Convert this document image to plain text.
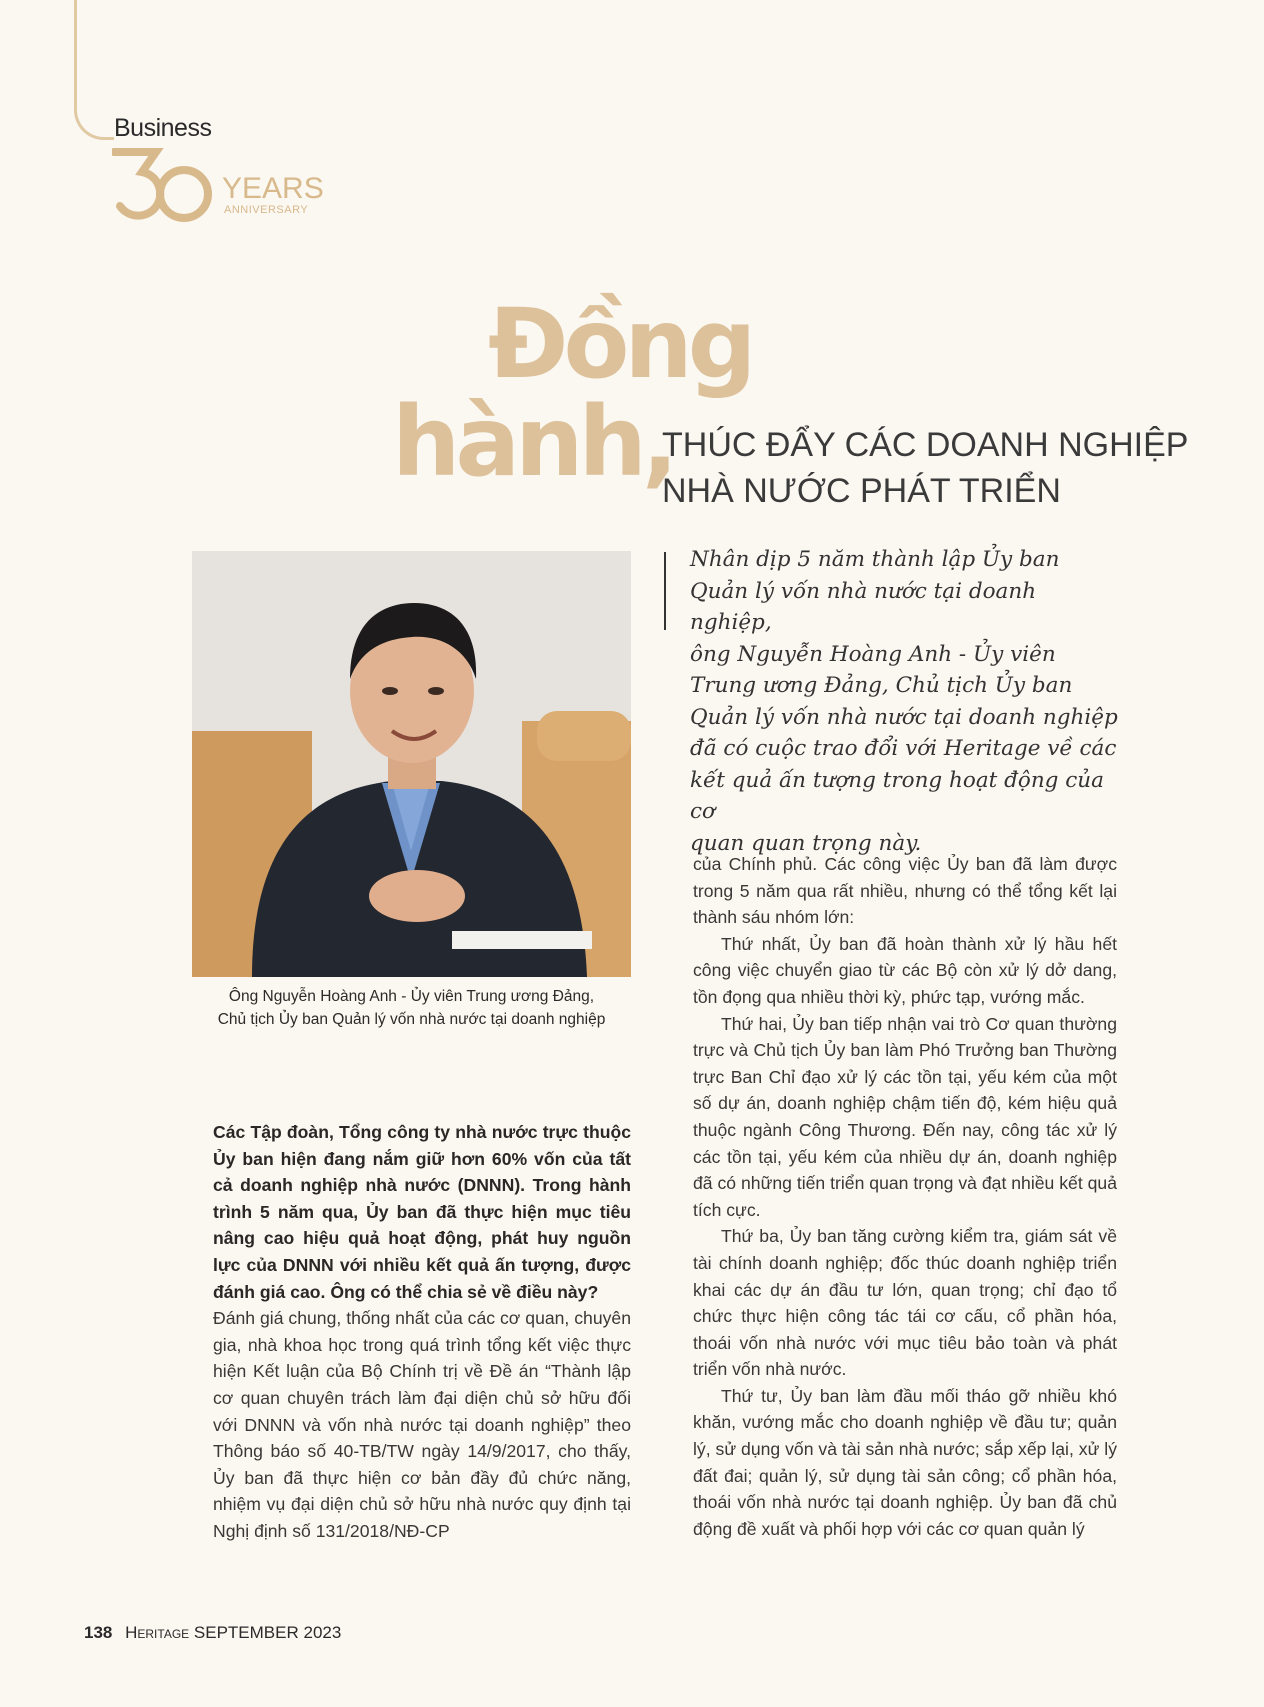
Business
YEARS
ANNIVERSARY
Đồng
hành,
THÚC ĐẨY CÁC DOANH NGHIỆP
NHÀ NƯỚC PHÁT TRIỂN
Nhân dịp 5 năm thành lập Ủy ban
Quản lý vốn nhà nước tại doanh nghiệp,
ông Nguyễn Hoàng Anh - Ủy viên
Trung ương Đảng, Chủ tịch Ủy ban
Quản lý vốn nhà nước tại doanh nghiệp
đã có cuộc trao đổi với Heritage về các
kết quả ấn tượng trong hoạt động của cơ
quan quan trọng này.
Ông Nguyễn Hoàng Anh - Ủy viên Trung ương Đảng,
Chủ tịch Ủy ban Quản lý vốn nhà nước tại doanh nghiệp

Các Tập đoàn, Tổng công ty nhà nước trực thuộc Ủy ban hiện đang nắm giữ hơn 60% vốn của tất cả doanh nghiệp nhà nước (DNNN). Trong hành trình 5 năm qua, Ủy ban đã thực hiện mục tiêu nâng cao hiệu quả hoạt động, phát huy nguồn lực của DNNN với nhiều kết quả ấn tượng, được đánh giá cao. Ông có thể chia sẻ về điều này?

Đánh giá chung, thống nhất của các cơ quan, chuyên gia, nhà khoa học trong quá trình tổng kết việc thực hiện Kết luận của Bộ Chính trị về Đề án “Thành lập cơ quan chuyên trách làm đại diện chủ sở hữu đối với DNNN và vốn nhà nước tại doanh nghiệp” theo Thông báo số 40-TB/TW ngày 14/9/2017, cho thấy, Ủy ban đã thực hiện cơ bản đầy đủ chức năng, nhiệm vụ đại diện chủ sở hữu nhà nước quy định tại Nghị định số 131/2018/NĐ-CP

của Chính phủ. Các công việc Ủy ban đã làm được trong 5 năm qua rất nhiều, nhưng có thể tổng kết lại thành sáu nhóm lớn:

Thứ nhất, Ủy ban đã hoàn thành xử lý hầu hết công việc chuyển giao từ các Bộ còn xử lý dở dang, tồn đọng qua nhiều thời kỳ, phức tạp, vướng mắc.

Thứ hai, Ủy ban tiếp nhận vai trò Cơ quan thường trực và Chủ tịch Ủy ban làm Phó Trưởng ban Thường trực Ban Chỉ đạo xử lý các tồn tại, yếu kém của một số dự án, doanh nghiệp chậm tiến độ, kém hiệu quả thuộc ngành Công Thương. Đến nay, công tác xử lý các tồn tại, yếu kém của nhiều dự án, doanh nghiệp đã có những tiến triển quan trọng và đạt nhiều kết quả tích cực.

Thứ ba, Ủy ban tăng cường kiểm tra, giám sát về tài chính doanh nghiệp; đốc thúc doanh nghiệp triển khai các dự án đầu tư lớn, quan trọng; chỉ đạo tổ chức thực hiện công tác tái cơ cấu, cổ phần hóa, thoái vốn nhà nước với mục tiêu bảo toàn và phát triển vốn nhà nước.

Thứ tư, Ủy ban làm đầu mối tháo gỡ nhiều khó khăn, vướng mắc cho doanh nghiệp về đầu tư; quản lý, sử dụng vốn và tài sản nhà nước; sắp xếp lại, xử lý đất đai; quản lý, sử dụng tài sản công; cổ phần hóa, thoái vốn nhà nước tại doanh nghiệp. Ủy ban đã chủ động đề xuất và phối hợp với các cơ quan quản lý

138 Heritage SEPTEMBER 2023
